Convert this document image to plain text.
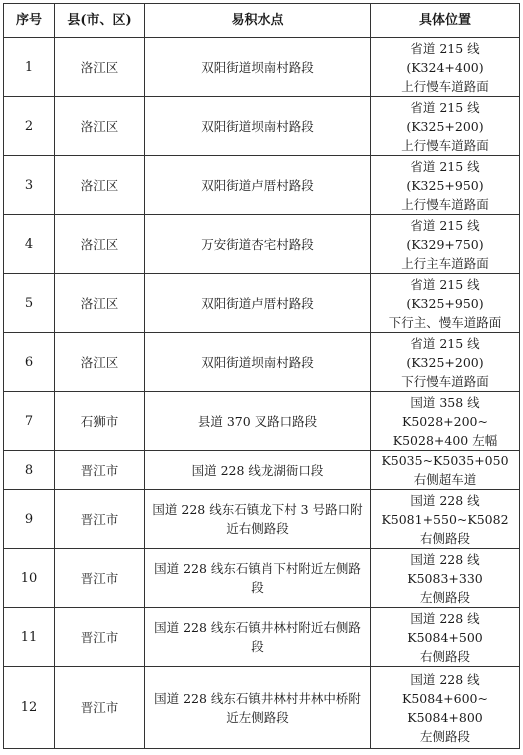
序号	县(市、区)	易积水点	具体位置
1	洛江区	双阳街道坝南村路段	省道 215 线
(K324+400)
上行慢车道路面

2	洛江区	双阳街道坝南村路段	省道 215 线
(K325+200)
上行慢车道路面

3	洛江区	双阳街道卢厝村路段	省道 215 线
(K325+950)
上行慢车道路面

4	洛江区	万安街道杏宅村路段	省道 215 线
(K329+750)
上行主车道路面

5	洛江区	双阳街道卢厝村路段	省道 215 线
(K325+950)
下行主、慢车道路面

6	洛江区	双阳街道坝南村路段	省道 215 线
(K325+200)
下行慢车道路面

7	石狮市	县道 370 叉路口路段	国道 358 线
K5028+200~
K5028+400 左幅

8	晋江市	国道 228 线龙湖衙口段	K5035~K5035+050
右侧超车道

9	晋江市	国道 228 线东石镇龙下村 3 号路口附近右侧路段	国道 228 线
K5081+550~K5082
右侧路段

10	晋江市	国道 228 线东石镇肖下村附近左侧路段	国道 228 线
K5083+330
左侧路段

11	晋江市	国道 228 线东石镇井林村附近右侧路段	国道 228 线
K5084+500
右侧路段

12	晋江市	国道 228 线东石镇井林村井林中桥附近左侧路段	国道 228 线
K5084+600~
K5084+800
左侧路段
